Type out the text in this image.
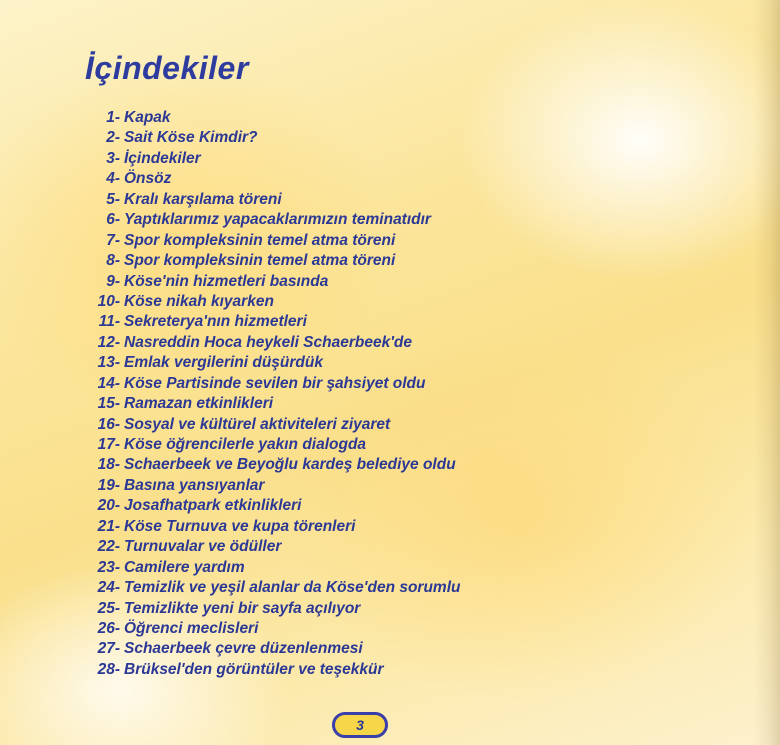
İçindekiler
1- Kapak
2- Sait Köse Kimdir?
3- İçindekiler
4- Önsöz
5- Kralı karşılama töreni
6- Yaptıklarımız yapacaklarımızın teminatıdır
7- Spor kompleksinin temel atma töreni
8- Spor kompleksinin temel atma töreni
9- Köse'nin hizmetleri basında
10- Köse nikah kıyarken
11- Sekreterya'nın hizmetleri
12- Nasreddin Hoca heykeli Schaerbeek'de
13- Emlak vergilerini düşürdük
14- Köse Partisinde sevilen bir şahsiyet oldu
15- Ramazan etkinlikleri
16- Sosyal ve kültürel aktiviteleri ziyaret
17- Köse öğrencilerle yakın dialogda
18- Schaerbeek ve Beyoğlu kardeş belediye oldu
19- Basına yansıyanlar
20- Josafhatpark etkinlikleri
21- Köse Turnuva ve kupa törenleri
22- Turnuvalar ve ödüller
23- Camilere yardım
24- Temizlik ve yeşil alanlar da Köse'den sorumlu
25- Temizlikte yeni bir sayfa açılıyor
26- Öğrenci meclisleri
27- Schaerbeek çevre düzenlenmesi
28- Brüksel'den görüntüler ve teşekkür
3
